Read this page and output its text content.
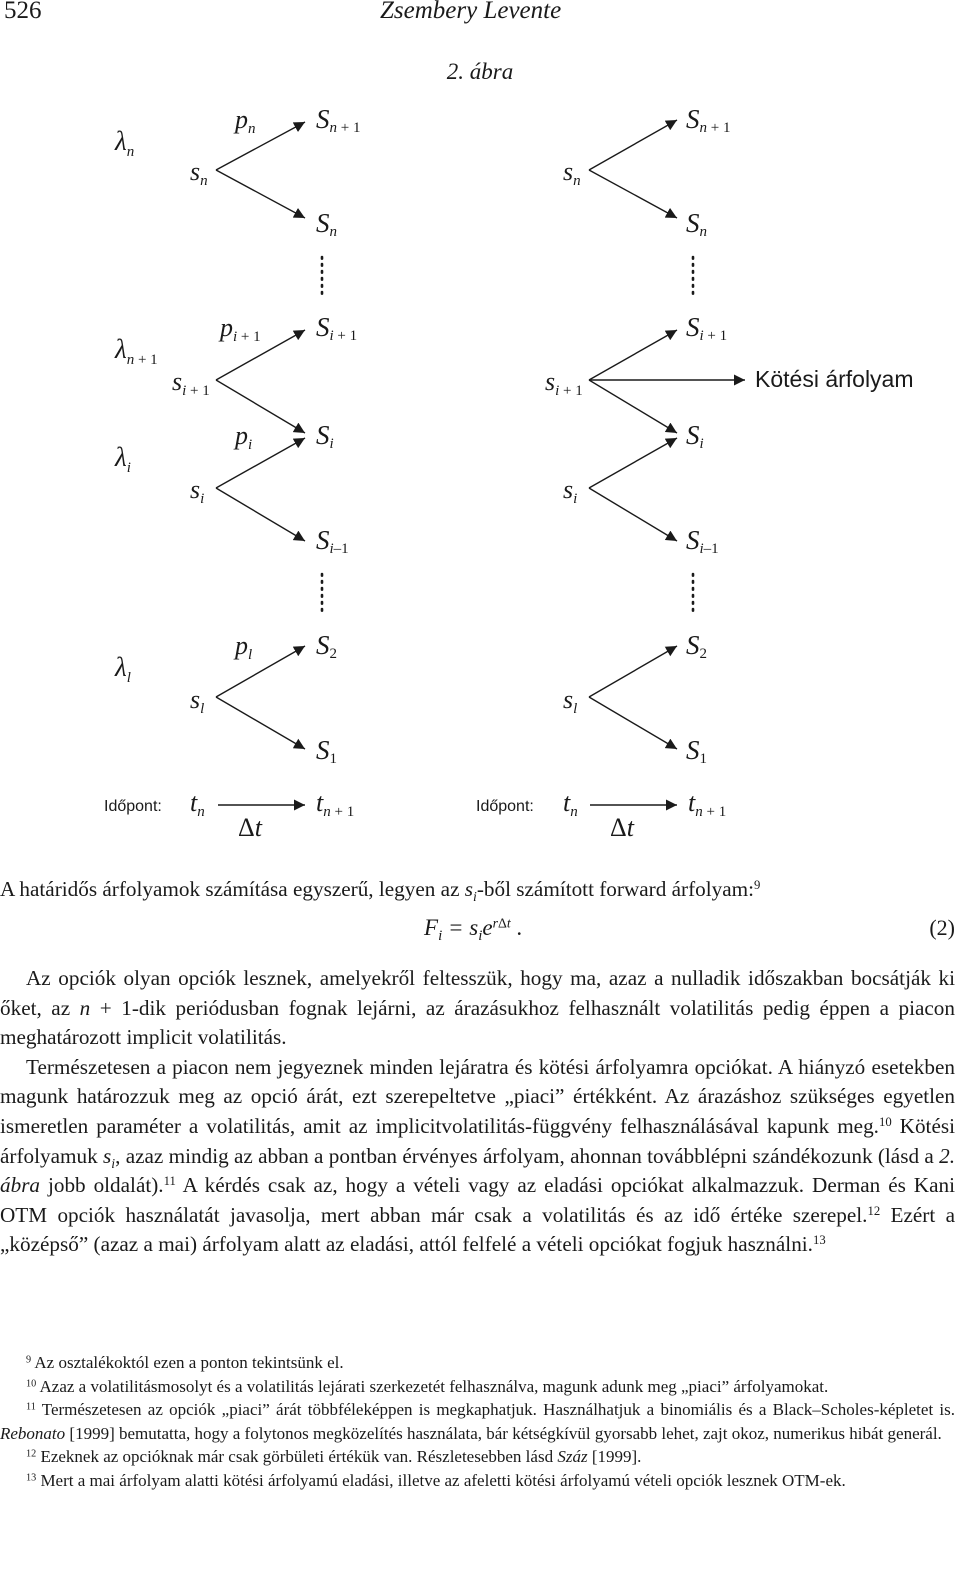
526	Zsembery Levente
2. ábra
$\lambda_n$
$\lambda_n + 1$
$\lambda_i$
$\lambda_l$
sn
si + 1
si
sl
pn
pi + 1
pi
pl
Sn + 1
Sn
Si + 1
Si
Si–1
S2
S1
sn
si + 1
si
sl
Sn + 1
Sn
Si + 1
Si
Si–1
S2
S1
Kötési árfolyam
Időpont:	Időpont:
tn	tn + 1	tn	tn + 1
Δt	Δt

A határidős árfolyamok számítása egyszerű, legyen az $s_i$-ből számított forward árfolyam:$^9$

$F_i = s_ie^{r\Delta t}$ .	(2)

Az opciók olyan opciók lesznek, amelyekről feltesszük, hogy ma, azaz a nulladik időszakban bocsátják ki őket, az n + 1-dik periódusban fognak lejárni, az árazásukhoz felhasznált volatilitás pedig éppen a piacon meghatározott implicit volatilitás.

Természetesen a piacon nem jegyeznek minden lejáratra és kötési árfolyamra opciókat. A hiányzó esetekben magunk határozzuk meg az opció árát, ezt szerepeltetve „piaci” értékként. Az árazáshoz szükséges egyetlen ismeretlen paraméter a volatilitás, amit az implicitvolatilitás-függvény felhasználásával kapunk meg.$^{10}$ Kötési árfolyamuk $s_i$, azaz mindig az abban a pontban érvényes árfolyam, ahonnan továbblépni szándékozunk (lásd a 2. ábra jobb oldalát).$^{11}$ A kérdés csak az, hogy a vételi vagy az eladási opciókat alkalmazzuk. Derman és Kani OTM opciók használatát javasolja, mert abban már csak a volatilitás és az idő értéke szerepel.$^{12}$ Ezért a „középső” (azaz a mai) árfolyam alatt az eladási, attól felfelé a vételi opciókat fogjuk használni.$^{13}$

$^9$ Az osztalékoktól ezen a ponton tekintsünk el.

$^{10}$ Azaz a volatilitásmosolyt és a volatilitás lejárati szerkezetét felhasználva, magunk adunk meg „piaci” árfolyamokat.

$^{11}$ Természetesen az opciók „piaci” árát többféleképpen is megkaphatjuk. Használhatjuk a binomiális és a Black–Scholes-képletet is. Rebonato [1999] bemutatta, hogy a folytonos megközelítés használata, bár kétségkívül gyorsabb lehet, zajt okoz, numerikus hibát generál.

$^{12}$ Ezeknek az opcióknak már csak görbületi értékük van. Részletesebben lásd Száz [1999].

$^{13}$ Mert a mai árfolyam alatti kötési árfolyamú eladási, illetve az afeletti kötési árfolyamú vételi opciók lesznek OTM-ek.
